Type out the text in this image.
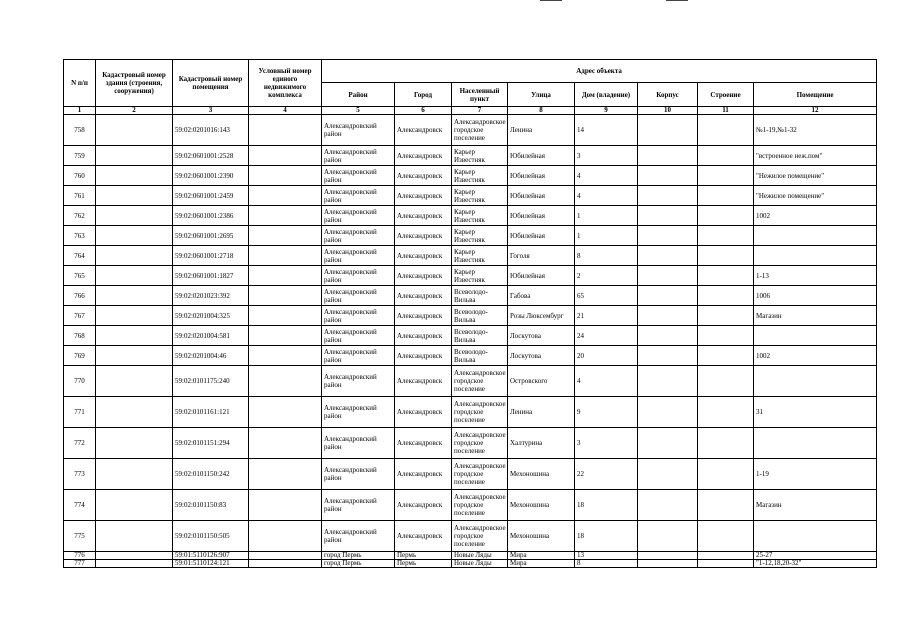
N п/п	Кадастровый номер здания (строения, сооружения)	Кадастровый номер помещения	Условный номер единого недвижимого комплекса	Адрес объекта							
				Район	Город	Населенный пункт	Улица	Дом (владение)	Корпус	Строение	Помещение
1	2	3	4	5	6	7	8	9	10	11	12
758		59:02:0201016:143		Александровский район	Александровск	Александровское городское поселение	Ленина	14			№1-19,№1-32
759		59:02:0601001:2528		Александровский район	Александровск	Карьер Известняк	Юбилейная	3			"встроенное неж.пом"
760		59:02:0601001:2390		Александровский район	Александровск	Карьер Известняк	Юбилейная	4			"Нежилое помещение"
761		59:02:0601001:2459		Александровский район	Александровск	Карьер Известняк	Юбилейная	4			"Нежилое помещение"
762		59:02:0601001:2386		Александровский район	Александровск	Карьер Известняк	Юбилейная	1			1002
763		59:02:0601001:2695		Александровский район	Александровск	Карьер Известняк	Юбилейная	1			
764		59:02:0601001:2718		Александровский район	Александровск	Карьер Известняк	Гоголя	8			
765		59:02:0601001:1827		Александровский район	Александровск	Карьер Известняк	Юбилейная	2			1-13
766		59:02:0201023:392		Александровский район	Александровск	Всеволодо-Вильва	Габова	65			1006
767		59:02:0201004:325		Александровский район	Александровск	Всеволодо-Вильва	Розы Люксембург	21			Магазин
768		59:02:0201004:581		Александровский район	Александровск	Всеволодо-Вильва	Лоскутова	24			
769		59:02:0201004:46		Александровский район	Александровск	Всеволодо-Вильва	Лоскутова	20			1002
770		59:02:0101175:240		Александровский район	Александровск	Александровское городское поселение	Островского	4			
771		59:02:0101161:121		Александровский район	Александровск	Александровское городское поселение	Ленина	9			31
772		59:02:0101151:294		Александровский район	Александровск	Александровское городское поселение	Халтурина	3			
773		59:02:0101150:242		Александровский район	Александровск	Александровское городское поселение	Мехоношина	22			1-19
774		59:02:0101150:83		Александровский район	Александровск	Александровское городское поселение	Мехоношина	18			Магазин
775		59:02:0101150:505		Александровский район	Александровск	Александровское городское поселение	Мехоношина	18			
776		59:01:5110126:907		город Пермь	Пермь	Новые Ляды	Мира	13			25-27
777		59:01:5110124:121		город Пермь	Пермь	Новые Ляды	Мира	8			"1-12,18,20-32"
